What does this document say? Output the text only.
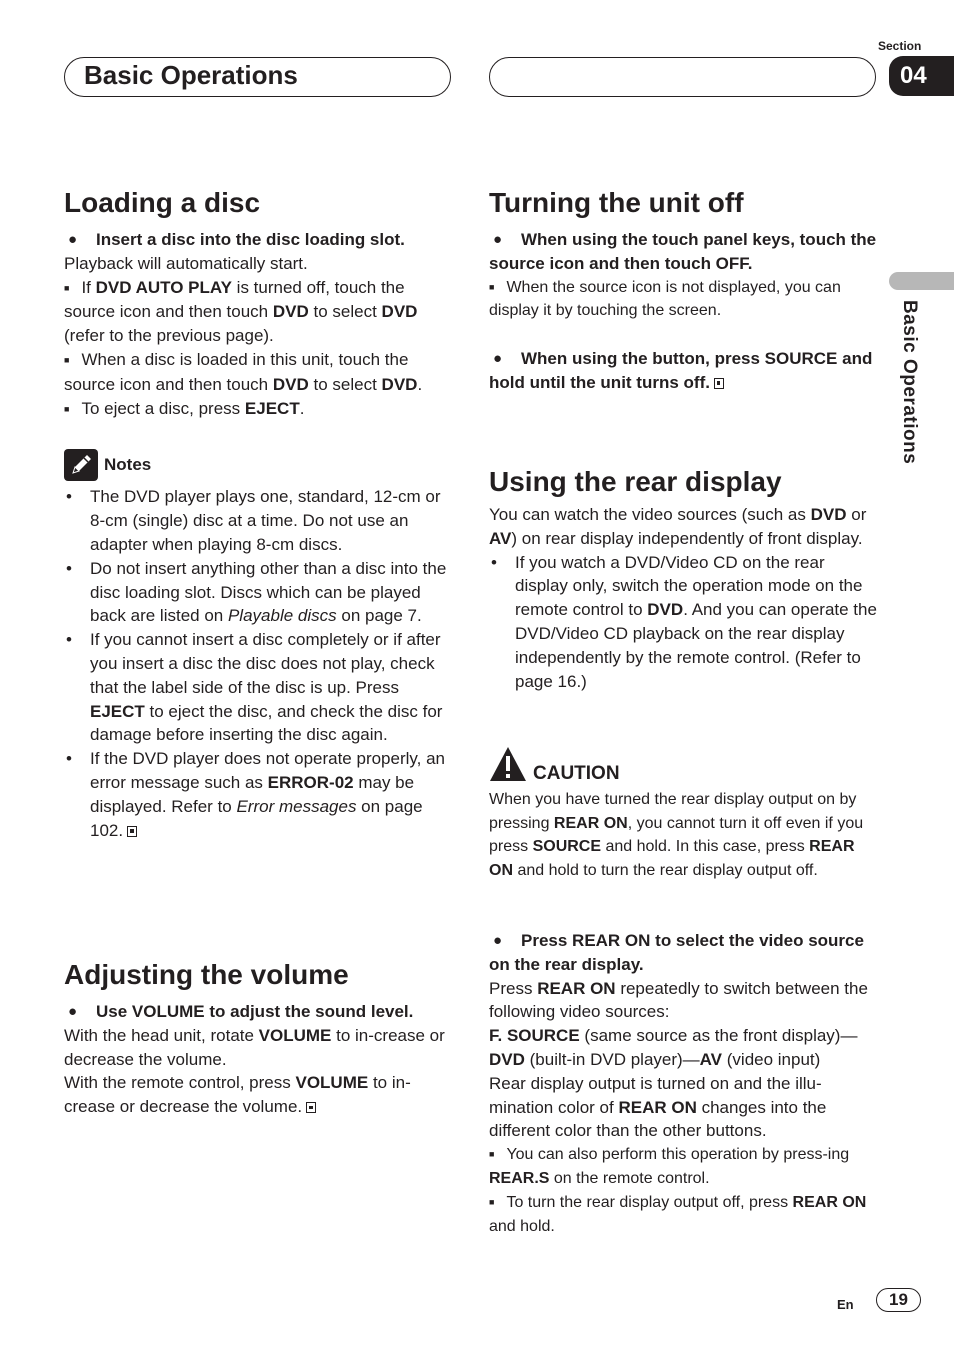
Basic Operations
Section
04
Basic Operations
Loading a disc

● Insert a disc into the disc loading slot.

Playback will automatically start.

■ If DVD AUTO PLAY is turned off, touch the source icon and then touch DVD to select DVD (refer to the previous page).

■ When a disc is loaded in this unit, touch the source icon and then touch DVD to select DVD.

■ To eject a disc, press EJECT.

Notes

• The DVD player plays one, standard, 12-cm or 8-cm (single) disc at a time. Do not use an adapter when playing 8-cm discs.

• Do not insert anything other than a disc into the disc loading slot. Discs which can be played back are listed on Playable discs on page 7.

• If you cannot insert a disc completely or if after you insert a disc the disc does not play, check that the label side of the disc is up. Press EJECT to eject the disc, and check the disc for damage before inserting the disc again.

• If the DVD player does not operate properly, an error message such as ERROR-02 may be displayed. Refer to Error messages on page 102.

Adjusting the volume

● Use VOLUME to adjust the sound level.

With the head unit, rotate VOLUME to in-crease or decrease the volume.

With the remote control, press VOLUME to in-crease or decrease the volume.

Turning the unit off

● When using the touch panel keys, touch the source icon and then touch OFF.

■ When the source icon is not displayed, you can display it by touching the screen.

● When using the button, press SOURCE and hold until the unit turns off.

Using the rear display

You can watch the video sources (such as DVD or AV) on rear display independently of front display.

• If you watch a DVD/Video CD on the rear display only, switch the operation mode on the remote control to DVD. And you can operate the DVD/Video CD playback on the rear display independently by the remote control. (Refer to page 16.)

CAUTION

When you have turned the rear display output on by pressing REAR ON, you cannot turn it off even if you press SOURCE and hold. In this case, press REAR ON and hold to turn the rear display output off.

● Press REAR ON to select the video source on the rear display.

Press REAR ON repeatedly to switch between the following video sources:

F. SOURCE (same source as the front display)—DVD (built-in DVD player)—AV (video input)

Rear display output is turned on and the illu-mination color of REAR ON changes into the different color than the other buttons.

■ You can also perform this operation by press-ing REAR.S on the remote control.

■ To turn the rear display output off, press REAR ON and hold.

En	19
